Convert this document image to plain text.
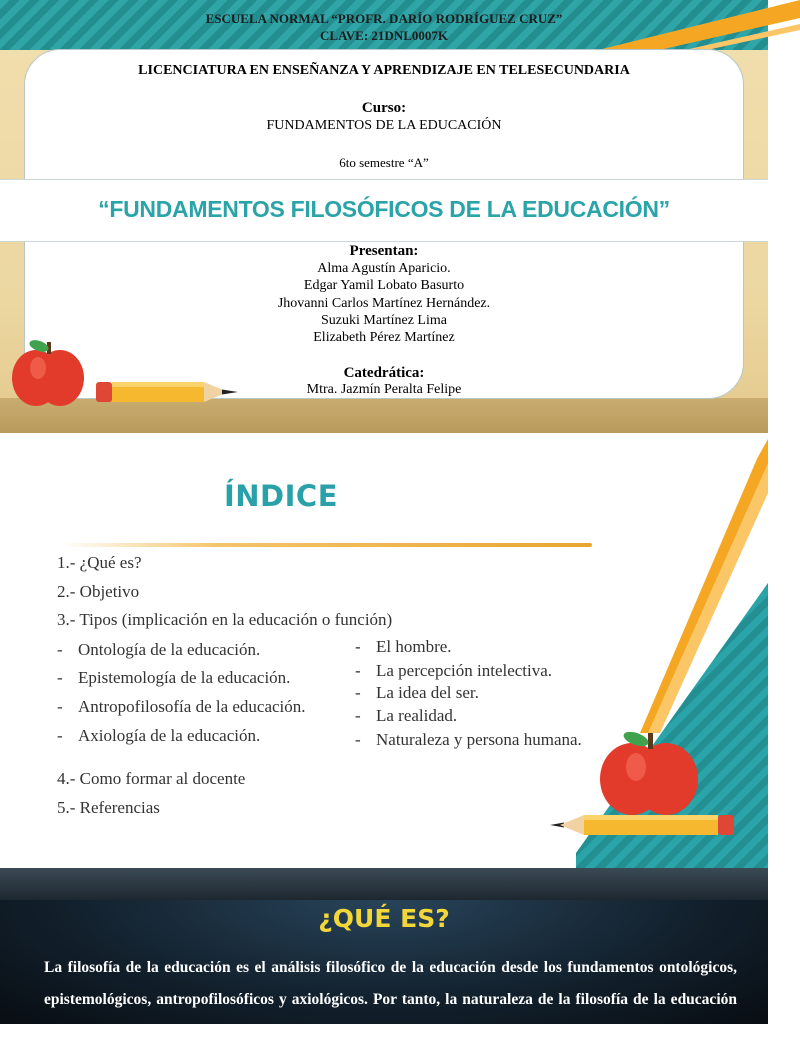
ESCUELA NORMAL “PROFR. DARÍO RODRÍGUEZ CRUZ”
CLAVE: 21DNL0007K
LICENCIATURA EN ENSEÑANZA Y APRENDIZAJE EN TELESECUNDARIA
Curso:
FUNDAMENTOS DE LA EDUCACIÓN
6to semestre “A”
“FUNDAMENTOS FILOSÓFICOS DE LA EDUCACIÓN”
Presentan:
Alma Agustín Aparicio.
Edgar Yamil Lobato Basurto
Jhovanni Carlos Martínez Hernández.
Suzuki Martínez Lima
Elizabeth Pérez Martínez
Catedrática:
Mtra. Jazmín Peralta Felipe
ÍNDICE
1.- ¿Qué es?
2.- Objetivo
3.- Tipos (implicación en la educación o función)
- Ontología de la educación.
- Epistemología de la educación.
- Antropofilosofía de la educación.
- Axiología de la educación.
- El hombre.
- La percepción intelectiva.
- La idea del ser.
- La realidad.
- Naturaleza y persona humana.
4.- Como formar al docente
5.- Referencias
¿QUÉ ES?
La filosofía de la educación es el análisis filosófico de la educación desde los fundamentos ontológicos, epistemológicos, antropofilosóficos y axiológicos. Por tanto, la naturaleza de la filosofía de la educación se distingue de acuerdo a los fundamentos a los que se refiere en la educación
